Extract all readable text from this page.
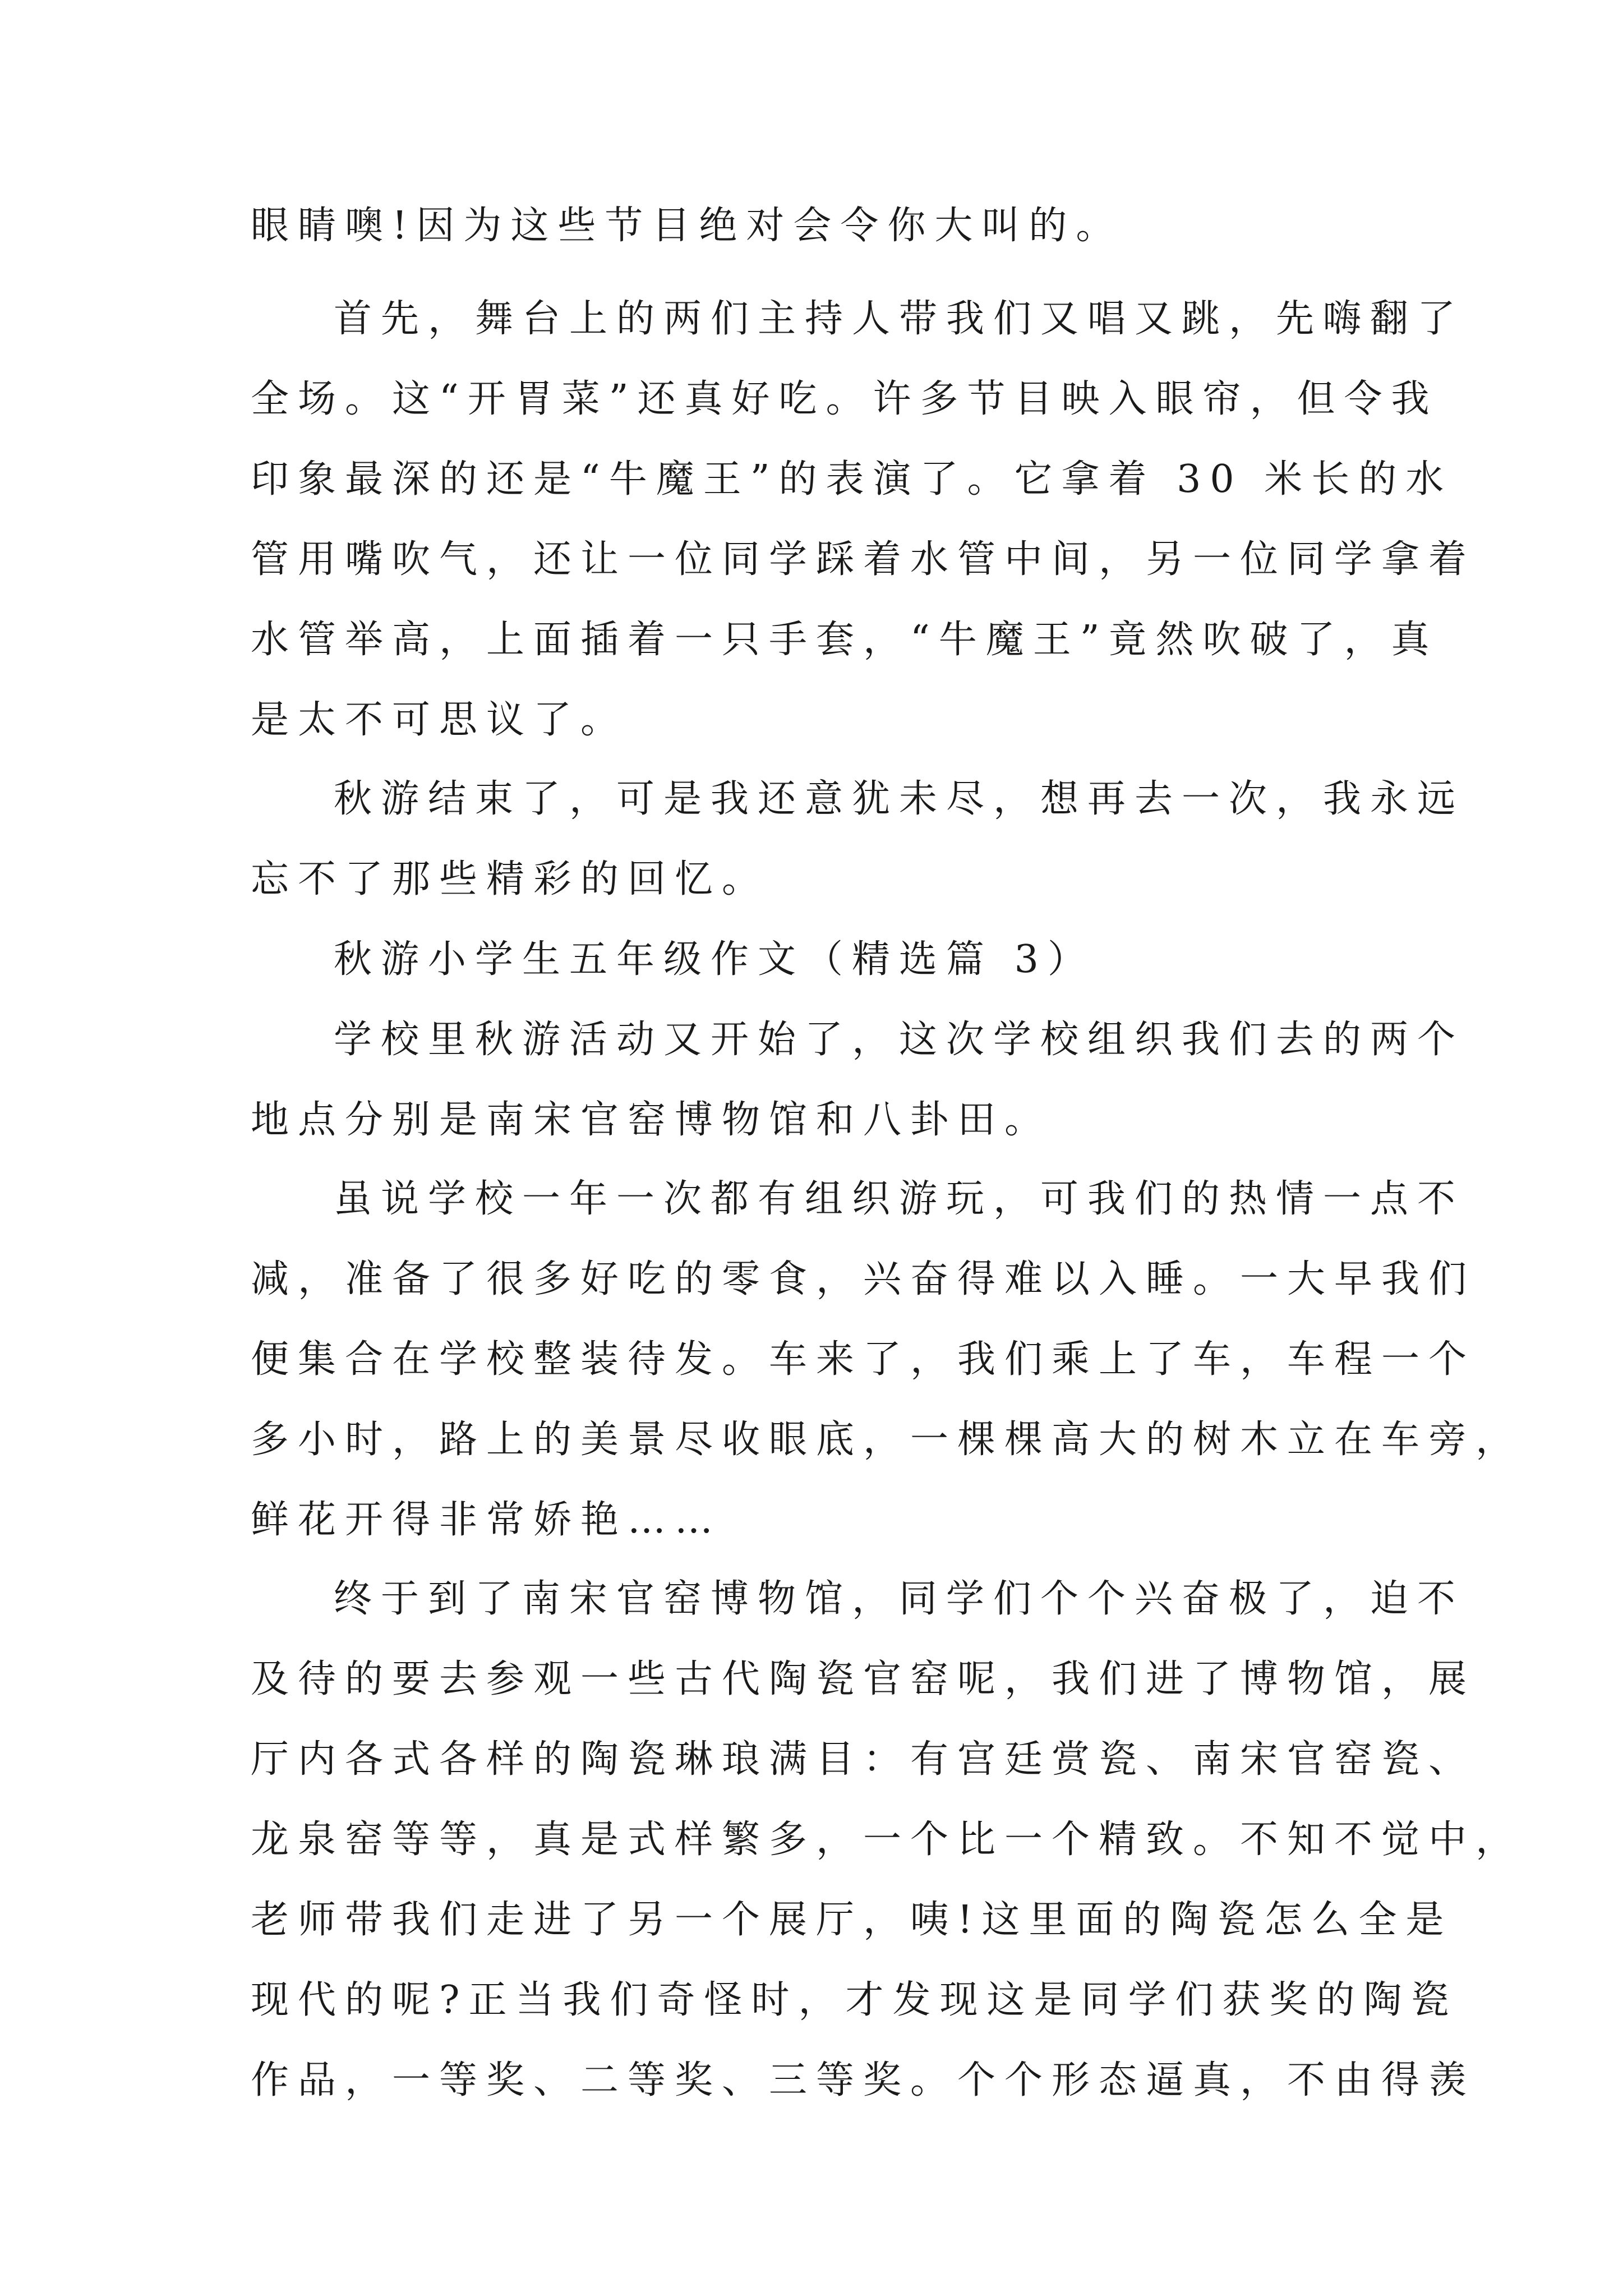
眼睛噢!因为这些节目绝对会令你大叫的。
首先，舞台上的两们主持人带我们又唱又跳，先嗨翻了
全场。这“开胃菜”还真好吃。许多节目映入眼帘，但令我
印象最深的还是“牛魔王”的表演了。它拿着 30 米长的水
管用嘴吹气，还让一位同学踩着水管中间，另一位同学拿着
水管举高，上面插着一只手套，“牛魔王”竟然吹破了，真
是太不可思议了。
秋游结束了，可是我还意犹未尽，想再去一次，我永远
忘不了那些精彩的回忆。
秋游小学生五年级作文（精选篇 3）
学校里秋游活动又开始了，这次学校组织我们去的两个
地点分别是南宋官窑博物馆和八卦田。
虽说学校一年一次都有组织游玩，可我们的热情一点不
减，准备了很多好吃的零食，兴奋得难以入睡。一大早我们
便集合在学校整装待发。车来了，我们乘上了车，车程一个
多小时，路上的美景尽收眼底，一棵棵高大的树木立在车旁，
鲜花开得非常娇艳……
终于到了南宋官窑博物馆，同学们个个兴奋极了，迫不
及待的要去参观一些古代陶瓷官窑呢，我们进了博物馆，展
厅内各式各样的陶瓷琳琅满目：有宫廷赏瓷、南宋官窑瓷、
龙泉窑等等，真是式样繁多，一个比一个精致。不知不觉中，
老师带我们走进了另一个展厅，咦!这里面的陶瓷怎么全是
现代的呢?正当我们奇怪时，才发现这是同学们获奖的陶瓷
作品，一等奖、二等奖、三等奖。个个形态逼真，不由得羡
